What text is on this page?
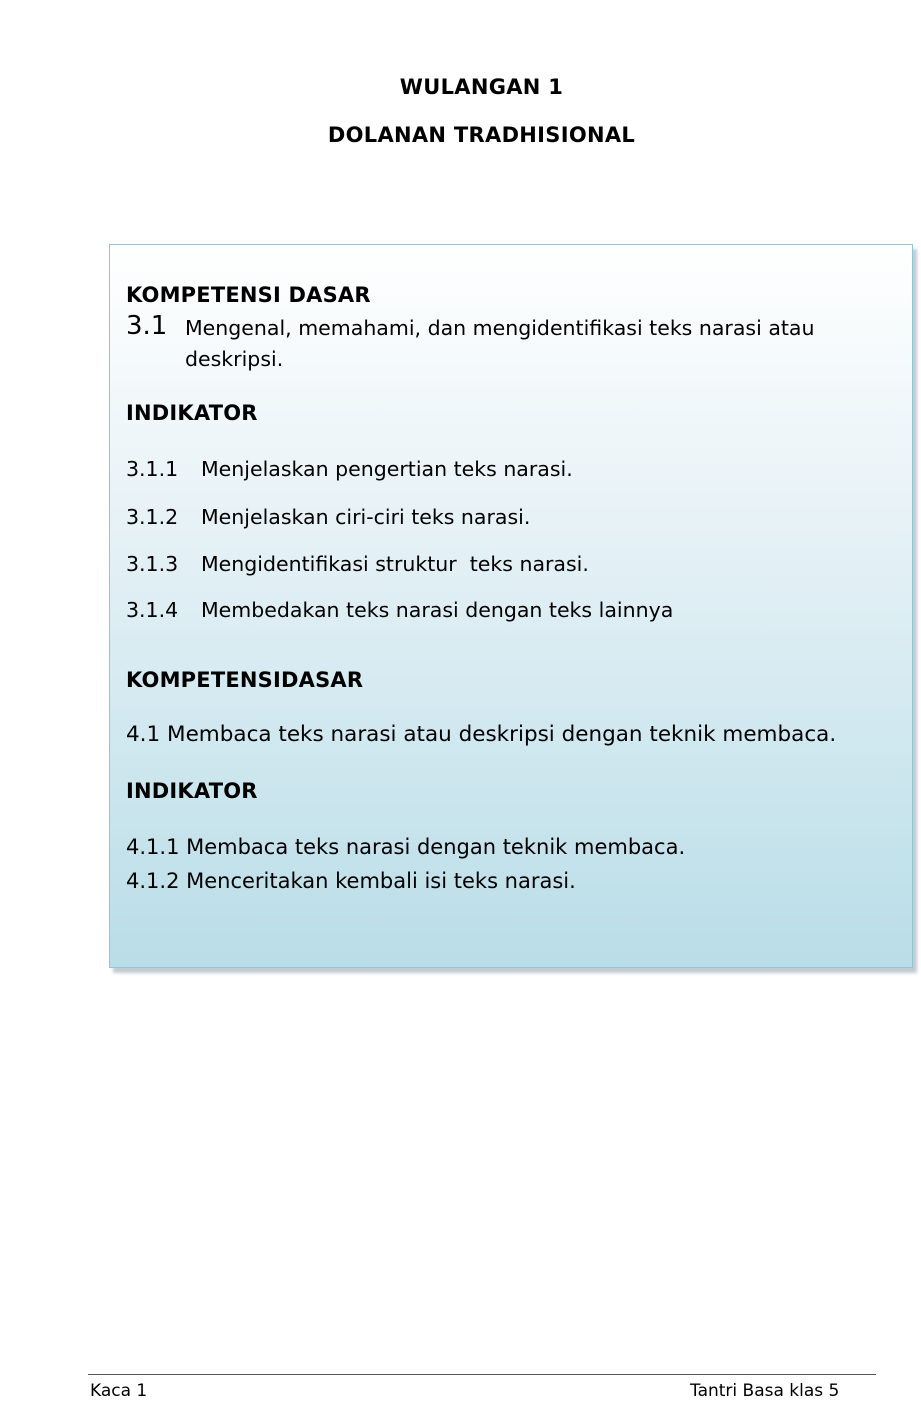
WULANGAN 1
DOLANAN TRADHISIONAL
KOMPETENSI DASAR
3.1 Mengenal, memahami, dan mengidentifikasi teks narasi atau
deskripsi.
INDIKATOR
3.1.1 Menjelaskan pengertian teks narasi.
3.1.2 Menjelaskan ciri-ciri teks narasi.
3.1.3 Mengidentifikasi struktur  teks narasi.
3.1.4 Membedakan teks narasi dengan teks lainnya
KOMPETENSIDASAR
4.1 Membaca teks narasi atau deskripsi dengan teknik membaca.
INDIKATOR
4.1.1 Membaca teks narasi dengan teknik membaca.
4.1.2 Menceritakan kembali isi teks narasi.
Kaca 1	Tantri Basa klas 5
